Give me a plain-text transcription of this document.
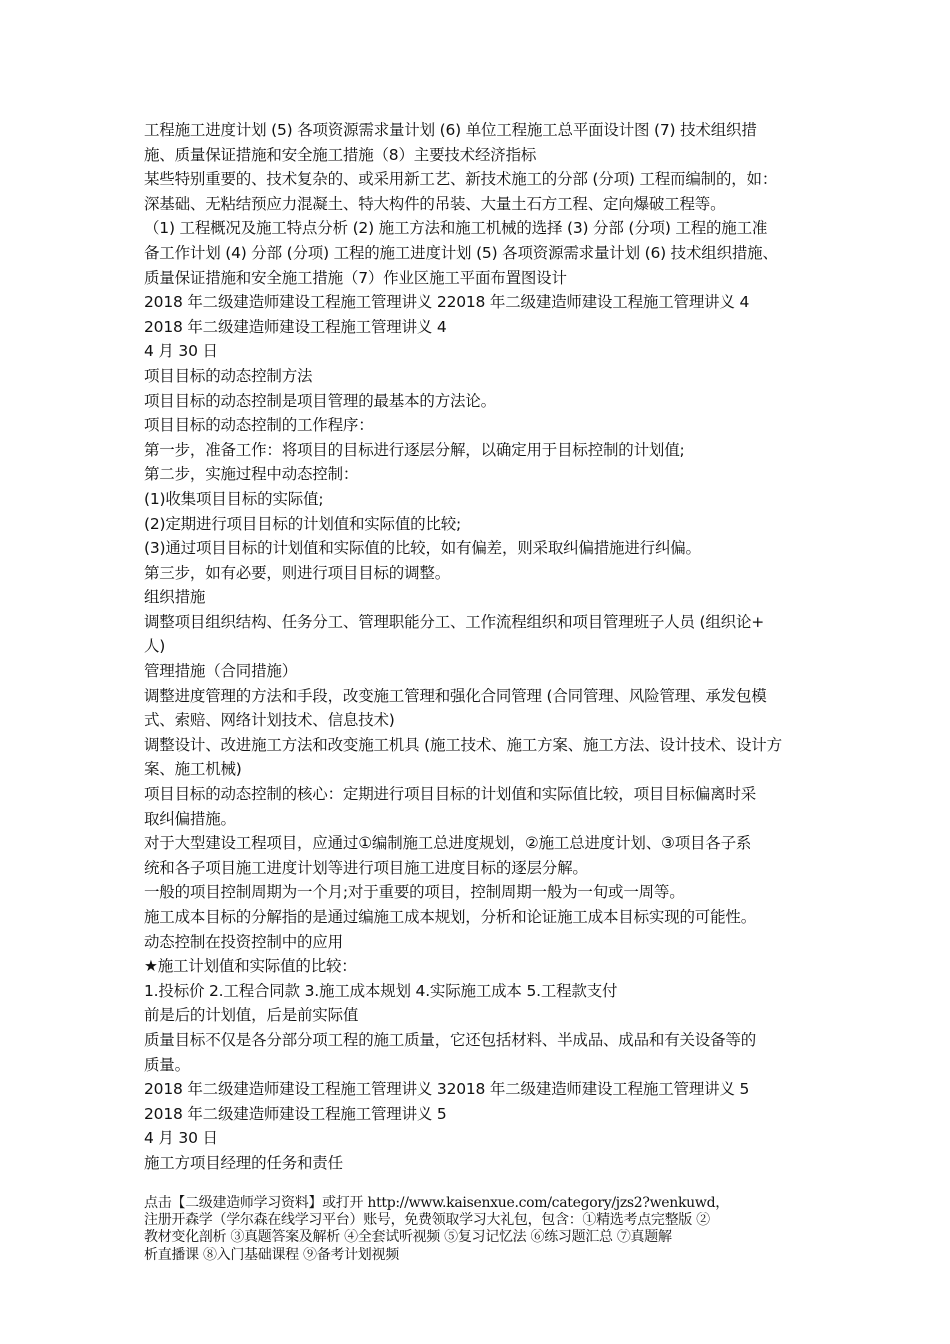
工程施工进度计划 (5) 各项资源需求量计划 (6) 单位工程施工总平面设计图 (7) 技术组织措
施、质量保证措施和安全施工措施（8）主要技术经济指标
某些特别重要的、技术复杂的、或采用新工艺、新技术施工的分部 (分项) 工程而编制的，如：
深基础、无粘结预应力混凝土、特大构件的吊装、大量土石方工程、定向爆破工程等。
（1) 工程概况及施工特点分析 (2) 施工方法和施工机械的选择 (3) 分部 (分项) 工程的施工准
备工作计划 (4) 分部 (分项) 工程的施工进度计划 (5) 各项资源需求量计划 (6) 技术组织措施、
质量保证措施和安全施工措施（7）作业区施工平面布置图设计
2018 年二级建造师建设工程施工管理讲义 22018 年二级建造师建设工程施工管理讲义 4
2018 年二级建造师建设工程施工管理讲义 4
4 月 30 日
项目目标的动态控制方法
项目目标的动态控制是项目管理的最基本的方法论。
项目目标的动态控制的工作程序：
第一步，准备工作：将项目的目标进行逐层分解，以确定用于目标控制的计划值;
第二步，实施过程中动态控制：
(1)收集项目目标的实际值;
(2)定期进行项目目标的计划值和实际值的比较;
(3)通过项目目标的计划值和实际值的比较，如有偏差，则采取纠偏措施进行纠偏。
第三步，如有必要，则进行项目目标的调整。
组织措施
调整项目组织结构、任务分工、管理职能分工、工作流程组织和项目管理班子人员 (组织论+
人)
管理措施（合同措施）
调整进度管理的方法和手段，改变施工管理和强化合同管理 (合同管理、风险管理、承发包模
式、索赔、网络计划技术、信息技术)
调整设计、改进施工方法和改变施工机具 (施工技术、施工方案、施工方法、设计技术、设计方
案、施工机械)
项目目标的动态控制的核心：定期进行项目目标的计划值和实际值比较，项目目标偏离时采
取纠偏措施。
对于大型建设工程项目，应通过①编制施工总进度规划，②施工总进度计划、③项目各子系
统和各子项目施工进度计划等进行项目施工进度目标的逐层分解。
一般的项目控制周期为一个月;对于重要的项目，控制周期一般为一旬或一周等。
施工成本目标的分解指的是通过编施工成本规划，分析和论证施工成本目标实现的可能性。
动态控制在投资控制中的应用
★施工计划值和实际值的比较：
1.投标价 2.工程合同款 3.施工成本规划 4.实际施工成本 5.工程款支付
前是后的计划值，后是前实际值
质量目标不仅是各分部分项工程的施工质量，它还包括材料、半成品、成品和有关设备等的
质量。
2018 年二级建造师建设工程施工管理讲义 32018 年二级建造师建设工程施工管理讲义 5
2018 年二级建造师建设工程施工管理讲义 5
4 月 30 日
施工方项目经理的任务和责任
点击【二级建造师学习资料】或打开 http://www.kaisenxue.com/category/jzs2?wenkuwd，
注册开森学（学尔森在线学习平台）账号，免费领取学习大礼包，包含：①精选考点完整版 ②
教材变化剖析 ③真题答案及解析 ④全套试听视频 ⑤复习记忆法 ⑥练习题汇总 ⑦真题解
析直播课 ⑧入门基础课程 ⑨备考计划视频
